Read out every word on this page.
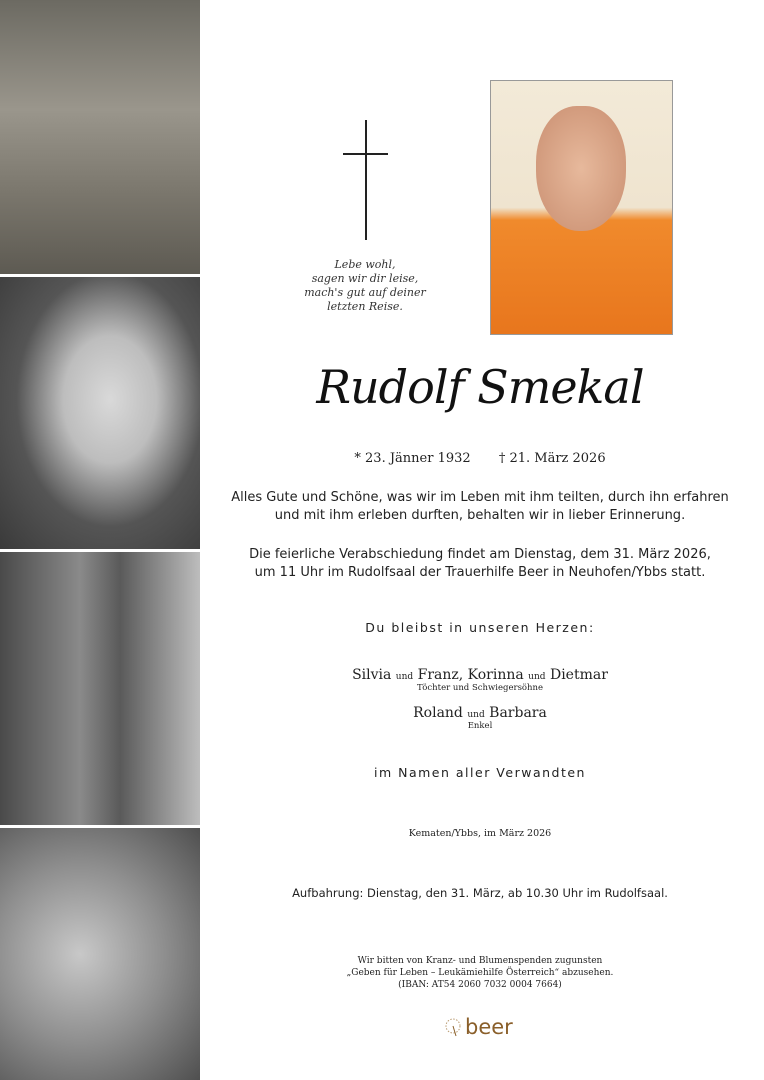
Lebe wohl,
sagen wir dir leise,
mach's gut auf deiner
letzten Reise.
Rudolf Smekal
* 23. Jänner 1932 † 21. März 2026
Alles Gute und Schöne, was wir im Leben mit ihm teilten, durch ihn erfahren
und mit ihm erleben durften, behalten wir in lieber Erinnerung.
Die feierliche Verabschiedung findet am Dienstag, dem 31. März 2026,
um 11 Uhr im Rudolfsaal der Trauerhilfe Beer in Neuhofen/Ybbs statt.
Du bleibst in unseren Herzen:
Silvia und Franz, Korinna und Dietmar
Töchter und Schwiegersöhne
Roland und Barbara
Enkel
im Namen aller Verwandten
Kematen/Ybbs, im März 2026
Aufbahrung: Dienstag, den 31. März, ab 10.30 Uhr im Rudolfsaal.
Wir bitten von Kranz- und Blumenspenden zugunsten
„Geben für Leben – Leukämiehilfe Österreich“ abzusehen.
(IBAN: AT54 2060 7032 0004 7664)
beer
